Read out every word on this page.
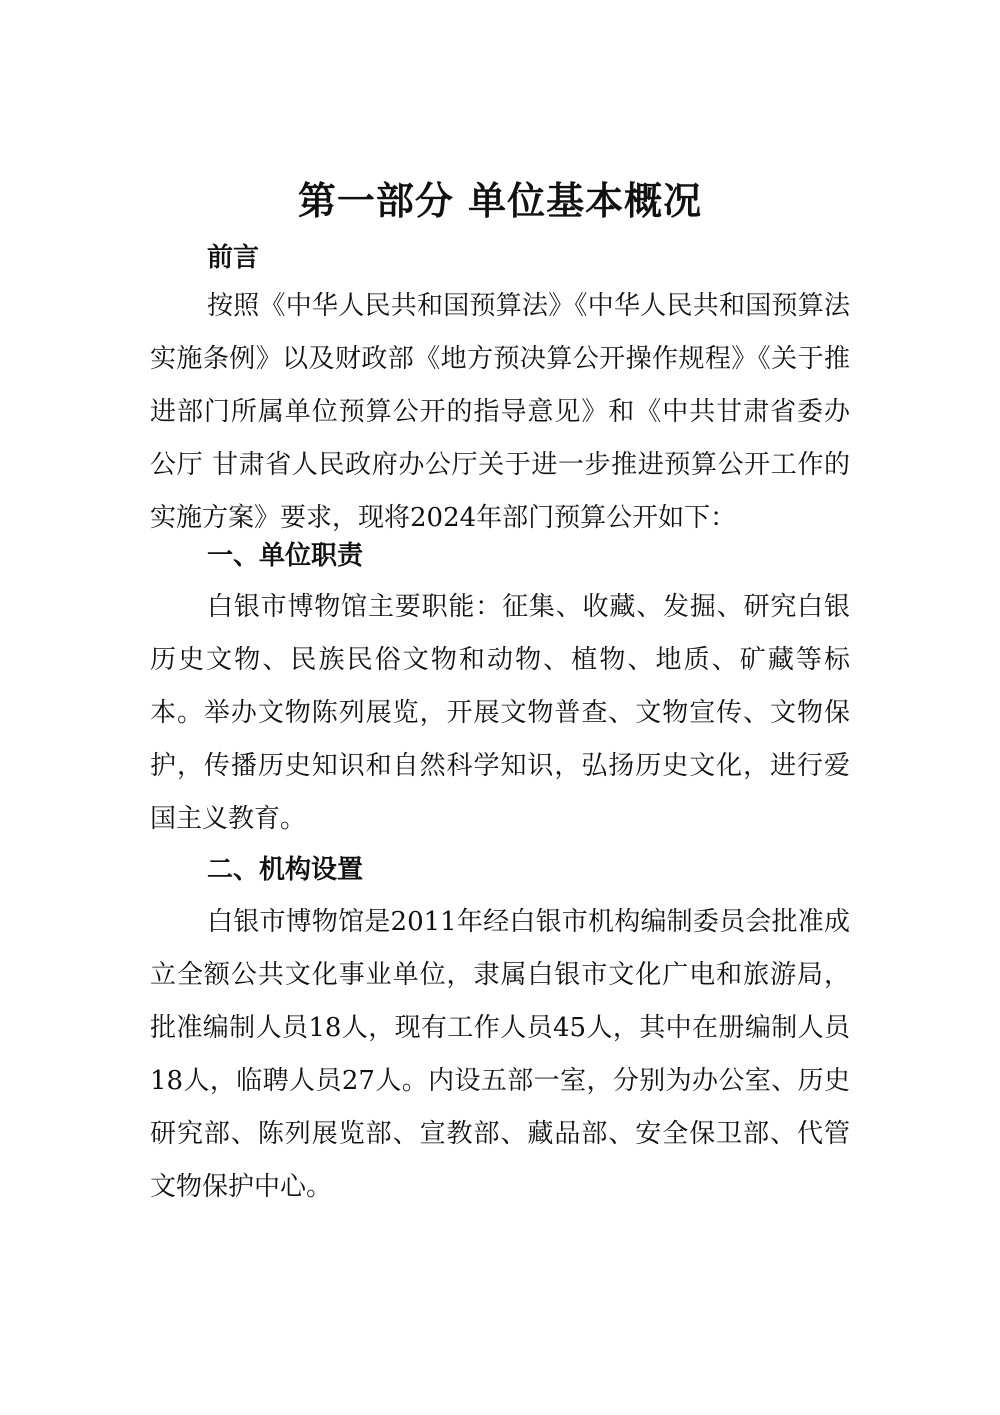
第一部分 单位基本概况
前言

按照《中华人民共和国预算法》《中华人民共和国预算法实施条例》以及财政部《地方预决算公开操作规程》《关于推进部门所属单位预算公开的指导意见》和《中共甘肃省委办公厅 甘肃省人民政府办公厅关于进一步推进预算公开工作的实施方案》要求，现将2024年部门预算公开如下：

一、单位职责

白银市博物馆主要职能：征集、收藏、发掘、研究白银历史文物、民族民俗文物和动物、植物、地质、矿藏等标本。举办文物陈列展览，开展文物普查、文物宣传、文物保护，传播历史知识和自然科学知识，弘扬历史文化，进行爱国主义教育。

二、机构设置

白银市博物馆是2011年经白银市机构编制委员会批准成立全额公共文化事业单位，隶属白银市文化广电和旅游局，批准编制人员18人，现有工作人员45人，其中在册编制人员18人，临聘人员27人。内设五部一室，分别为办公室、历史研究部、陈列展览部、宣教部、藏品部、安全保卫部、代管文物保护中心。
